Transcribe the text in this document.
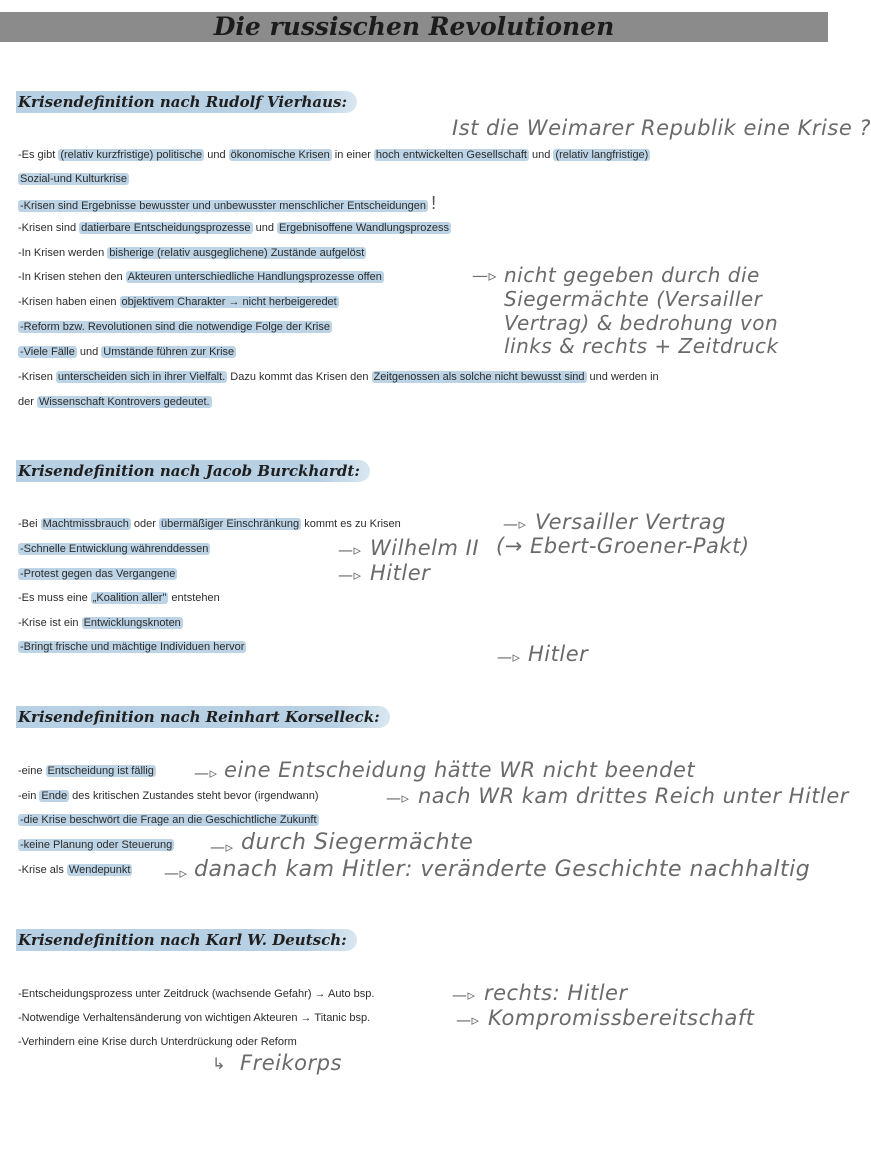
Die russischen Revolutionen
Ist die Weimarer Republik eine Krise ?
Krisendefinition nach Rudolf Vierhaus:
-Es gibt (relativ kurzfristige) politische und ökonomische Krisen in einer hoch entwickelten Gesellschaft und (relativ langfristige)
Sozial-und Kulturkrise
-Krisen sind Ergebnisse bewusster und unbewusster menschlicher Entscheidungen !
-Krisen sind datierbare Entscheidungsprozesse und Ergebnisoffene Wandlungsprozess
-In Krisen werden bisherige (relativ ausgeglichene) Zustände aufgelöst
-In Krisen stehen den Akteuren unterschiedliche Handlungsprozesse offen
-Krisen haben einen objektivem Charakter → nicht herbeigeredet
-Reform bzw. Revolutionen sind die notwendige Folge der Krise
-Viele Fälle und Umstände führen zur Krise
-Krisen unterscheiden sich in ihrer Vielfalt. Dazu kommt das Krisen den Zeitgenossen als solche nicht bewusst sind und werden in
der Wissenschaft Kontrovers gedeutet.
—▹ nicht gegeben durch die
Siegermächte (Versailler
Vertrag) & bedrohung von
links & rechts + Zeitdruck
Krisendefinition nach Jacob Burckhardt:
-Bei Machtmissbrauch oder übermäßiger Einschränkung kommt es zu Krisen
-Schnelle Entwicklung währenddessen
-Protest gegen das Vergangene
-Es muss eine „Koalition aller" entstehen
-Krise ist ein Entwicklungsknoten
-Bringt frische und mächtige Individuen hervor
—▹ Versailler Vertrag
—▹ Wilhelm II (→ Ebert-Groener-Pakt)
—▹ Hitler
—▹ Hitler
Krisendefinition nach Reinhart Korselleck:
-eine Entscheidung ist fällig
-ein Ende des kritischen Zustandes steht bevor (irgendwann)
-die Krise beschwört die Frage an die Geschichtliche Zukunft
-keine Planung oder Steuerung
-Krise als Wendepunkt
—▹ eine Entscheidung hätte WR nicht beendet
—▹ nach WR kam drittes Reich unter Hitler
—▹ durch Siegermächte
—▹ danach kam Hitler: veränderte Geschichte nachhaltig
Krisendefinition nach Karl W. Deutsch:
-Entscheidungsprozess unter Zeitdruck (wachsende Gefahr) → Auto bsp.
-Notwendige Verhaltensänderung von wichtigen Akteuren → Titanic bsp.
-Verhindern eine Krise durch Unterdrückung oder Reform
—▹ rechts: Hitler
—▹ Kompromissbereitschaft
↳ Freikorps
